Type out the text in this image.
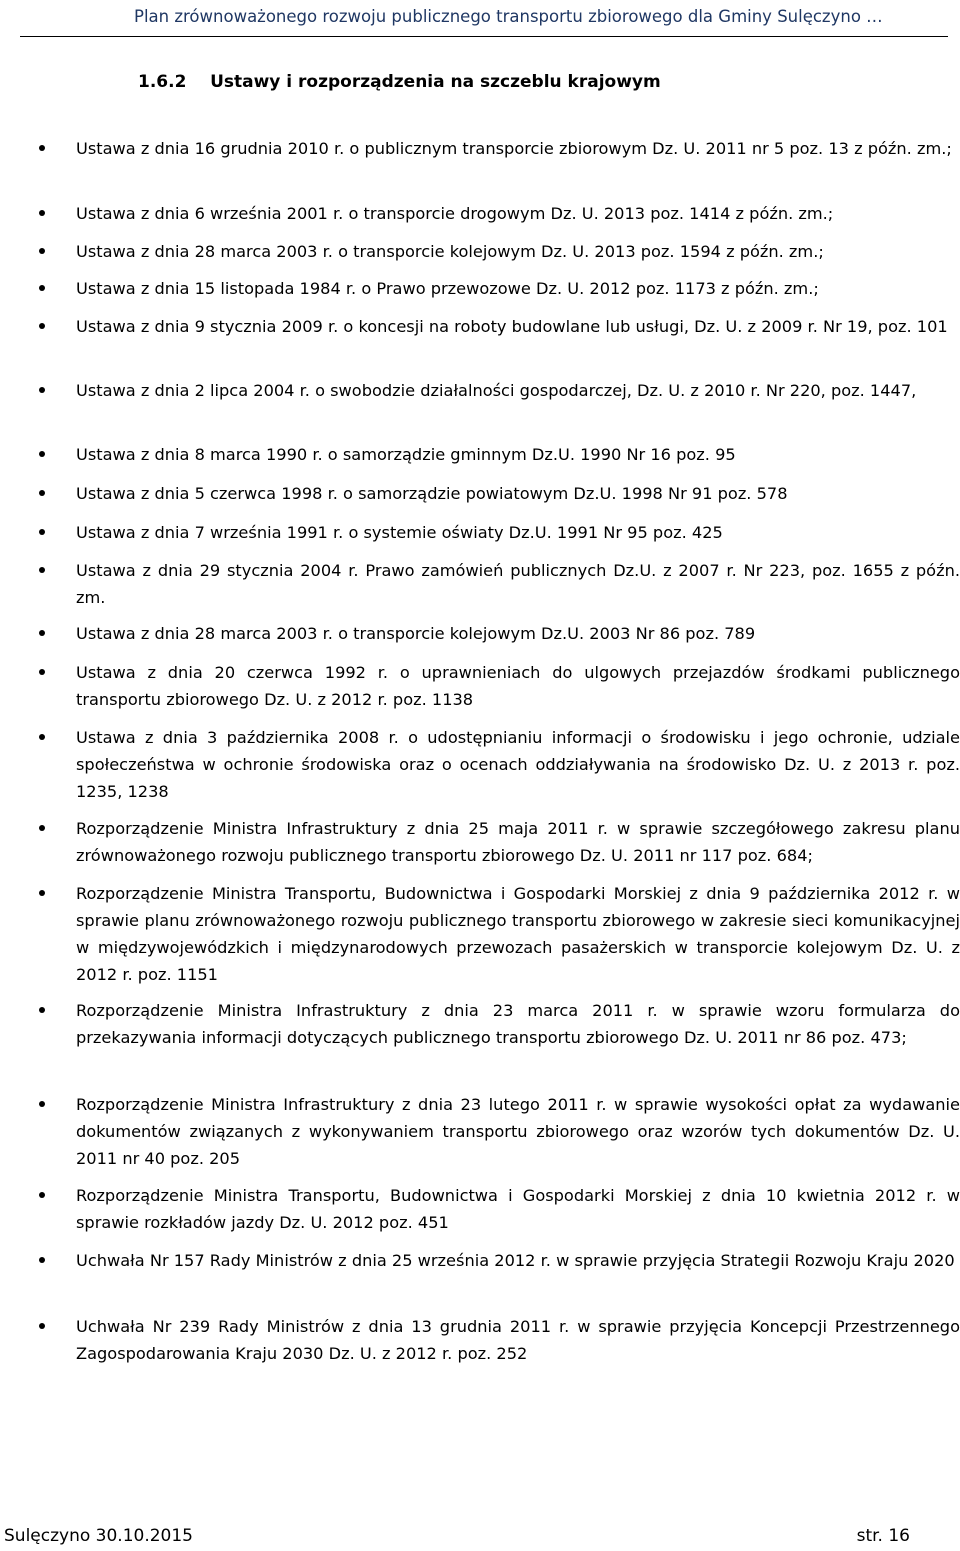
Plan zrównoważonego rozwoju publicznego transportu zbiorowego dla Gminy Sulęczyno …
1.6.2    Ustawy i rozporządzenia na szczeblu krajowym
Ustawa z dnia 16 grudnia 2010 r. o publicznym transporcie zbiorowym Dz. U. 2011 nr 5 poz. 13 z późn. zm.;
Ustawa z dnia 6 września 2001 r. o transporcie drogowym Dz. U. 2013 poz. 1414 z późn. zm.;
Ustawa z dnia 28 marca 2003 r. o transporcie kolejowym Dz. U. 2013 poz. 1594 z późn. zm.;
Ustawa z dnia 15 listopada 1984 r. o Prawo przewozowe Dz. U. 2012 poz. 1173 z późn. zm.;
Ustawa z dnia 9 stycznia 2009 r. o koncesji na roboty budowlane lub usługi, Dz. U. z 2009 r. Nr 19, poz. 101
Ustawa z dnia 2 lipca 2004 r. o swobodzie działalności gospodarczej, Dz. U. z 2010 r. Nr 220, poz. 1447,
Ustawa z dnia 8 marca 1990 r. o samorządzie gminnym Dz.U. 1990 Nr 16 poz. 95
Ustawa z dnia 5 czerwca 1998 r. o samorządzie powiatowym Dz.U. 1998 Nr 91 poz. 578
Ustawa z dnia 7 września 1991 r. o systemie oświaty Dz.U. 1991 Nr 95 poz. 425
Ustawa z dnia 29 stycznia 2004 r. Prawo zamówień publicznych Dz.U. z 2007 r. Nr 223, poz. 1655 z późn. zm.
Ustawa z dnia 28 marca 2003 r. o transporcie kolejowym Dz.U. 2003 Nr 86 poz. 789
Ustawa z dnia 20 czerwca 1992 r. o uprawnieniach do ulgowych przejazdów środkami publicznego transportu zbiorowego Dz. U. z 2012 r. poz. 1138
Ustawa z dnia 3 października 2008 r. o udostępnianiu informacji o środowisku i jego ochronie, udziale społeczeństwa w ochronie środowiska oraz o ocenach oddziaływania na środowisko Dz. U. z 2013 r. poz. 1235, 1238
Rozporządzenie Ministra Infrastruktury z dnia 25 maja 2011 r. w sprawie szczegółowego zakresu planu zrównoważonego rozwoju publicznego transportu zbiorowego Dz. U. 2011 nr 117 poz. 684;
Rozporządzenie Ministra Transportu, Budownictwa i Gospodarki Morskiej z dnia 9 października 2012 r. w sprawie planu zrównoważonego rozwoju publicznego transportu zbiorowego w zakresie sieci komunikacyjnej w międzywojewódzkich i międzynarodowych przewozach pasażerskich w transporcie kolejowym Dz. U. z 2012 r. poz. 1151
Rozporządzenie Ministra Infrastruktury z dnia 23 marca 2011 r. w sprawie wzoru formularza do przekazywania informacji dotyczących publicznego transportu zbiorowego Dz. U. 2011 nr 86 poz. 473;
Rozporządzenie Ministra Infrastruktury z dnia 23 lutego 2011 r. w sprawie wysokości opłat za wydawanie dokumentów związanych z wykonywaniem transportu zbiorowego oraz wzorów tych dokumentów Dz. U. 2011 nr 40 poz. 205
Rozporządzenie Ministra Transportu, Budownictwa i Gospodarki Morskiej z dnia 10 kwietnia 2012 r. w sprawie rozkładów jazdy Dz. U. 2012 poz. 451
Uchwała Nr 157 Rady Ministrów z dnia 25 września 2012 r. w sprawie przyjęcia Strategii Rozwoju Kraju 2020
Uchwała Nr 239 Rady Ministrów z dnia 13 grudnia 2011 r. w sprawie przyjęcia Koncepcji Przestrzennego Zagospodarowania Kraju 2030 Dz. U. z 2012 r. poz. 252
Sulęczyno 30.10.2015	str. 16
